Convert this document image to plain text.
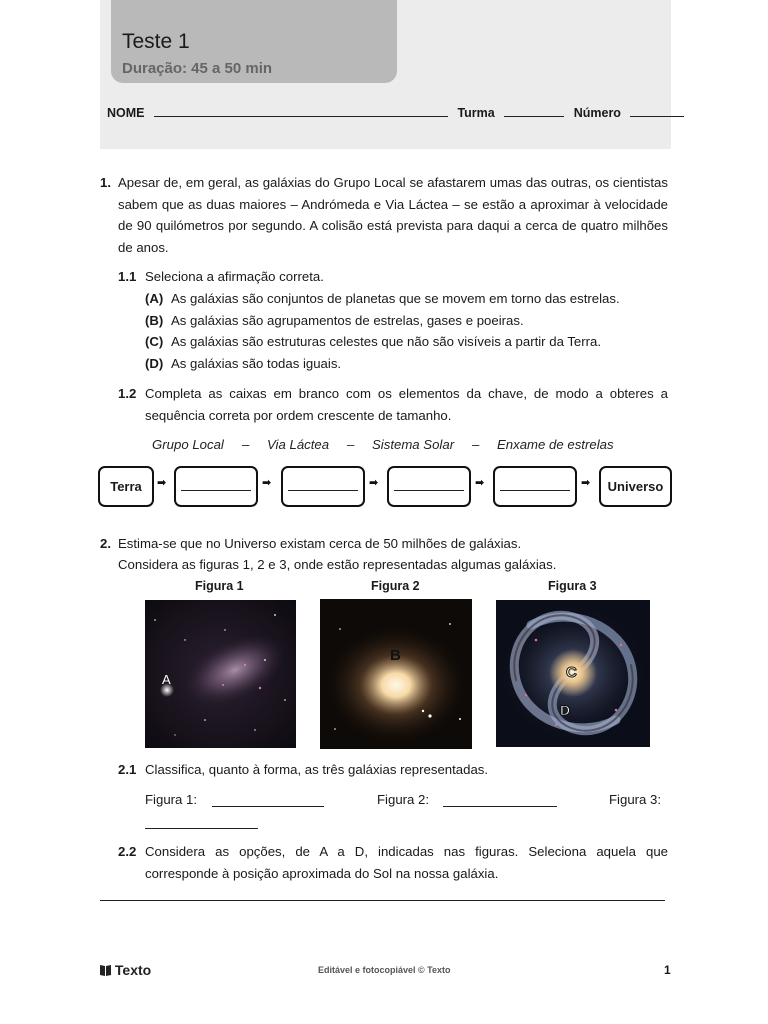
Teste 1
Duração: 45 a 50 min
NOME	Turma	Número
1. Apesar de, em geral, as galáxias do Grupo Local se afastarem umas das outras, os cientistas sabem que as duas maiores – Andrómeda e Via Láctea – se estão a aproximar à velocidade de 90 quilómetros por segundo. A colisão está prevista para daqui a cerca de quatro milhões de anos.
1.1 Seleciona a afirmação correta.
(A) As galáxias são conjuntos de planetas que se movem em torno das estrelas.
(B) As galáxias são agrupamentos de estrelas, gases e poeiras.
(C) As galáxias são estruturas celestes que não são visíveis a partir da Terra.
(D) As galáxias são todas iguais.
1.2 Completa as caixas em branco com os elementos da chave, de modo a obteres a sequência correta por ordem crescente de tamanho.
Grupo Local – Via Láctea – Sistema Solar – Enxame de estrelas
Terra	➡	➡	➡	➡	➡	Universo
2. Estima-se que no Universo existam cerca de 50 milhões de galáxias.
Considera as figuras 1, 2 e 3, onde estão representadas algumas galáxias.
Figura 1	Figura 2	Figura 3
A
B
C
D
2.1 Classifica, quanto à forma, as três galáxias representadas.
Figura 1:	Figura 2:	Figura 3:
2.2 Considera as opções, de A a D, indicadas nas figuras. Seleciona aquela que corresponde à posição aproximada do Sol na nossa galáxia.
Texto	Editável e fotocopiável © Texto	1
